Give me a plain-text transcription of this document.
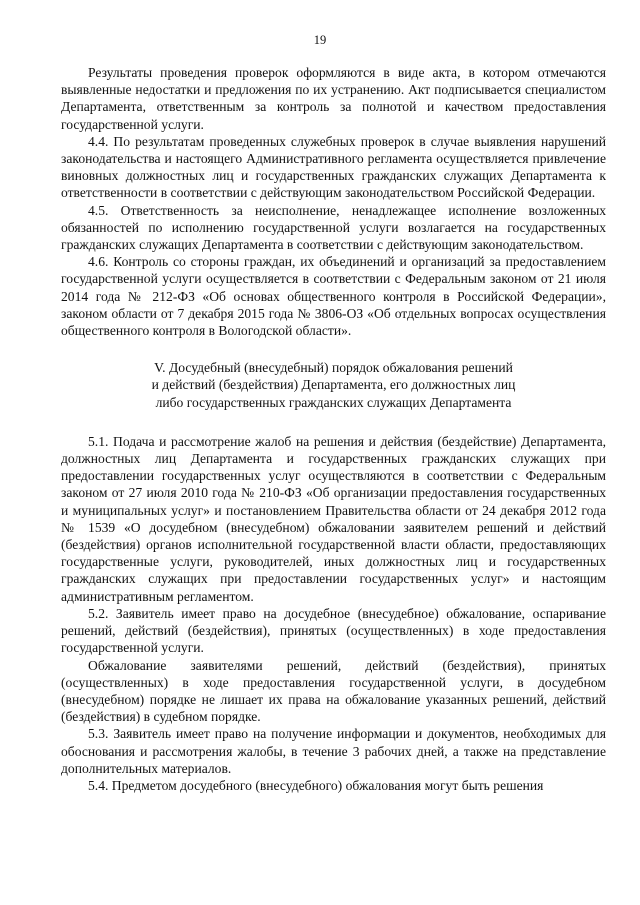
19

Результаты проведения проверок оформляются в виде акта, в котором отмечаются выявленные недостатки и предложения по их устранению. Акт подписывается специалистом Департамента, ответственным за контроль за полнотой и качеством предоставления государственной услуги.

4.4. По результатам проведенных служебных проверок в случае выявления нарушений законодательства и настоящего Административного регламента осуществляется привлечение виновных должностных лиц и государственных гражданских служащих Департамента к ответственности в соответствии с действующим законодательством Российской Федерации.

4.5. Ответственность за неисполнение, ненадлежащее исполнение возложенных обязанностей по исполнению государственной услуги возлагается на государственных гражданских служащих Департамента в соответствии с действующим законодательством.

4.6. Контроль со стороны граждан, их объединений и организаций за предоставлением государственной услуги осуществляется в соответствии с Федеральным законом от 21 июля 2014 года № 212-ФЗ «Об основах общественного контроля в Российской Федерации», законом области от 7 декабря 2015 года № 3806-ОЗ «Об отдельных вопросах осуществления общественного контроля в Вологодской области».

V. Досудебный (внесудебный) порядок обжалования решений
и действий (бездействия) Департамента, его должностных лиц
либо государственных гражданских служащих Департамента

5.1. Подача и рассмотрение жалоб на решения и действия (бездействие) Департамента, должностных лиц Департамента и государственных гражданских служащих при предоставлении государственных услуг осуществляются в соответствии с Федеральным законом от 27 июля 2010 года № 210-ФЗ «Об организации предоставления государственных и муниципальных услуг» и постановлением Правительства области от 24 декабря 2012 года № 1539 «О досудебном (внесудебном) обжаловании заявителем решений и действий (бездействия) органов исполнительной государственной власти области, предоставляющих государственные услуги, руководителей, иных должностных лиц и государственных гражданских служащих при предоставлении государственных услуг» и настоящим административным регламентом.

5.2. Заявитель имеет право на досудебное (внесудебное) обжалование, оспаривание решений, действий (бездействия), принятых (осуществленных) в ходе предоставления государственной услуги.

Обжалование заявителями решений, действий (бездействия), принятых (осуществленных) в ходе предоставления государственной услуги, в досудебном (внесудебном) порядке не лишает их права на обжалование указанных решений, действий (бездействия) в судебном порядке.

5.3. Заявитель имеет право на получение информации и документов, необходимых для обоснования и рассмотрения жалобы, в течение 3 рабочих дней, а также на представление дополнительных материалов.

5.4. Предметом досудебного (внесудебного) обжалования могут быть решения
